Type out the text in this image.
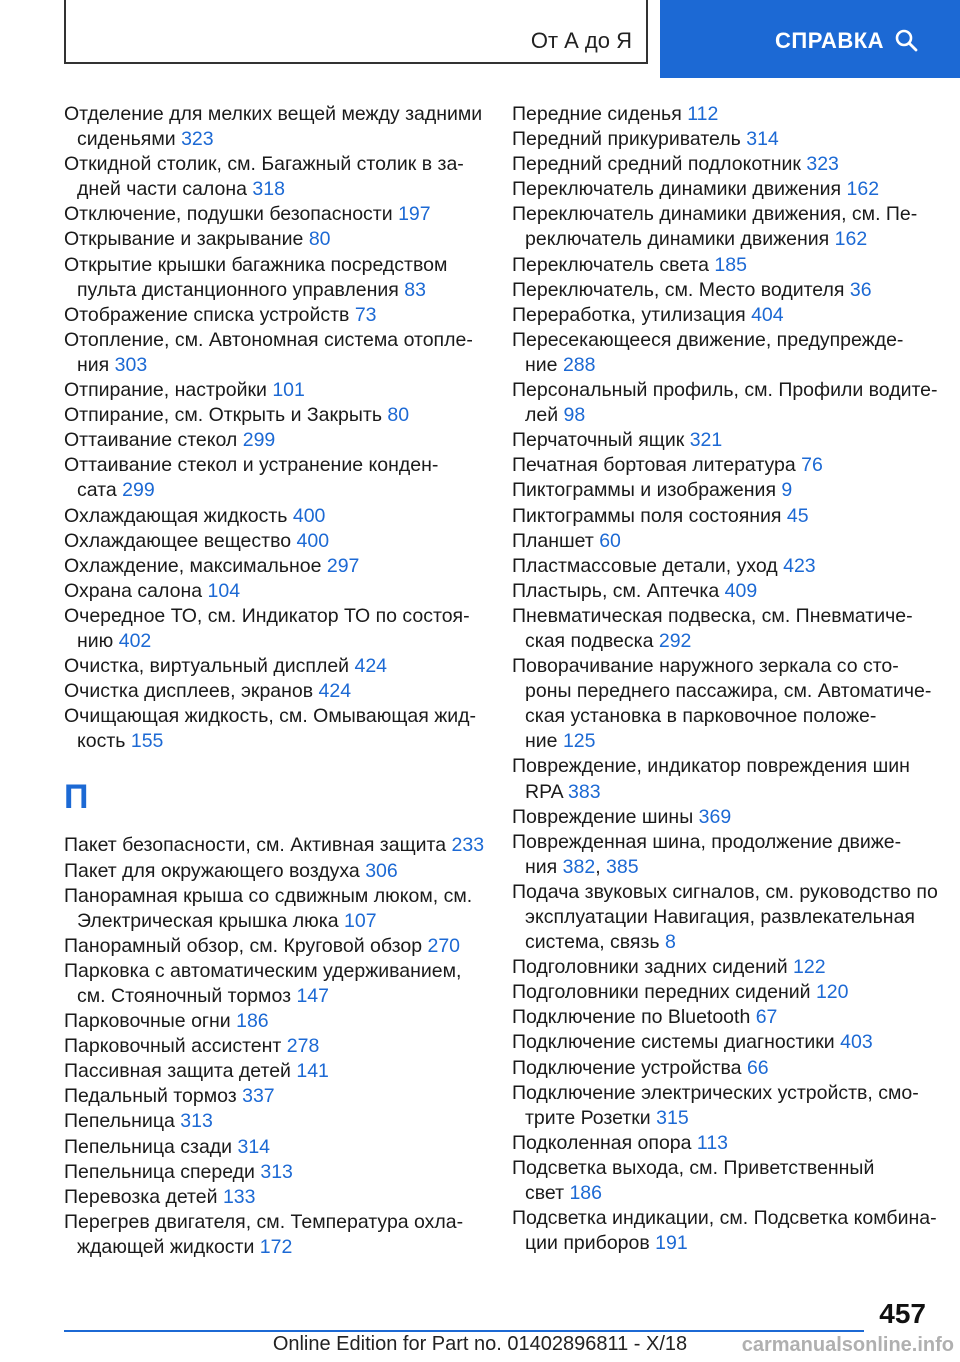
От А до Я	СПРАВКА
Отделение для мелких вещей между задними
сиденьями 323
Откидной столик, см. Багажный столик в за-
дней части салона 318
Отключение, подушки безопасности 197
Открывание и закрывание 80
Открытие крышки багажника посредством
пульта дистанционного управления 83
Отображение списка устройств 73
Отопление, см. Автономная система отопле-
ния 303
Отпирание, настройки 101
Отпирание, см. Открыть и Закрыть 80
Оттаивание стекол 299
Оттаивание стекол и устранение конден-
сата 299
Охлаждающая жидкость 400
Охлаждающее вещество 400
Охлаждение, максимальное 297
Охрана салона 104
Очередное ТО, см. Индикатор ТО по состоя-
нию 402
Очистка, виртуальный дисплей 424
Очистка дисплеев, экранов 424
Очищающая жидкость, см. Омывающая жид-
кость 155
П
Пакет безопасности, см. Активная защита 233
Пакет для окружающего воздуха 306
Панорамная крыша со сдвижным люком, см.
Электрическая крышка люка 107
Панорамный обзор, см. Круговой обзор 270
Парковка с автоматическим удерживанием,
см. Стояночный тормоз 147
Парковочные огни 186
Парковочный ассистент 278
Пассивная защита детей 141
Педальный тормоз 337
Пепельница 313
Пепельница сзади 314
Пепельница спереди 313
Перевозка детей 133
Перегрев двигателя, см. Температура охла-
ждающей жидкости 172
Передние сиденья 112
Передний прикуриватель 314
Передний средний подлокотник 323
Переключатель динамики движения 162
Переключатель динамики движения, см. Пе-
реключатель динамики движения 162
Переключатель света 185
Переключатель, см. Место водителя 36
Переработка, утилизация 404
Пересекающееся движение, предупрежде-
ние 288
Персональный профиль, см. Профили водите-
лей 98
Перчаточный ящик 321
Печатная бортовая литература 76
Пиктограммы и изображения 9
Пиктограммы поля состояния 45
Планшет 60
Пластмассовые детали, уход 423
Пластырь, см. Аптечка 409
Пневматическая подвеска, см. Пневматиче-
ская подвеска 292
Поворачивание наружного зеркала со сто-
роны переднего пассажира, см. Автоматиче-
ская установка в парковочное положе-
ние 125
Повреждение, индикатор повреждения шин
RPA 383
Повреждение шины 369
Поврежденная шина, продолжение движе-
ния 382, 385
Подача звуковых сигналов, см. руководство по
эксплуатации Навигация, развлекательная
система, связь 8
Подголовники задних сидений 122
Подголовники передних сидений 120
Подключение по Bluetooth 67
Подключение системы диагностики 403
Подключение устройства 66
Подключение электрических устройств, смо-
трите Розетки 315
Подколенная опора 113
Подсветка выхода, см. Приветственный
свет 186
Подсветка индикации, см. Подсветка комбина-
ции приборов 191
457
Online Edition for Part no. 01402896811 - X/18	carmanualsonline.info
